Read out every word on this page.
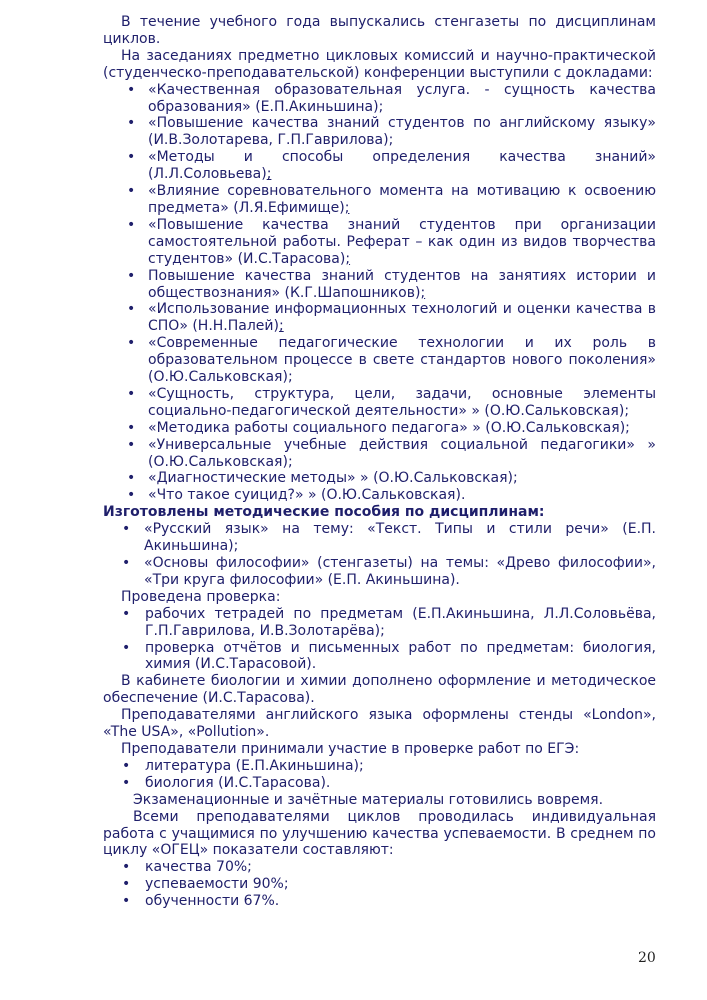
В течение учебного года выпускались стенгазеты по дисциплинам циклов.

На заседаниях предметно цикловых комиссий и научно-практической (студенческо-преподавательской) конференции выступили с докладами:

• «Качественная образовательная услуга. - сущность качества образования» (Е.П.Акиньшина);
• «Повышение качества знаний студентов по английскому языку» (И.В.Золотарева, Г.П.Гаврилова);
• «Методы и способы определения качества знаний» (Л.Л.Соловьева);
• «Влияние соревновательного момента на мотивацию к освоению предмета» (Л.Я.Ефимище);
• «Повышение качества знаний студентов при организации самостоятельной работы. Реферат – как один из видов творчества студентов» (И.С.Тарасова);
• Повышение качества знаний студентов на занятиях истории и обществознания» (К.Г.Шапошников);
• «Использование информационных технологий и оценки качества в СПО» (Н.Н.Палей);
• «Современные педагогические технологии и их роль в образовательном процессе в свете стандартов нового поколения» (О.Ю.Сальковская);
• «Сущность, структура, цели, задачи, основные элементы социально-педагогической деятельности» » (О.Ю.Сальковская);
• «Методика работы социального педагога» » (О.Ю.Сальковская);
• «Универсальные учебные действия социальной педагогики» » (О.Ю.Сальковская);
• «Диагностические методы» » (О.Ю.Сальковская);
• «Что такое суицид?» » (О.Ю.Сальковская).

Изготовлены методические пособия по дисциплинам:

• «Русский язык» на тему: «Текст. Типы и стили речи» (Е.П. Акиньшина);
• «Основы философии» (стенгазеты) на темы: «Древо философии», «Три круга философии» (Е.П. Акиньшина).

Проведена проверка:

• рабочих тетрадей по предметам (Е.П.Акиньшина, Л.Л.Соловьёва, Г.П.Гаврилова, И.В.Золотарёва);
• проверка отчётов и письменных работ по предметам: биология, химия (И.С.Тарасовой).

В кабинете биологии и химии дополнено оформление и методическое обеспечение (И.С.Тарасова).

Преподавателями английского языка оформлены стенды «London», «The USA», «Pollution».

Преподаватели принимали участие в проверке работ по ЕГЭ:

• литература (Е.П.Акиньшина);
• биология (И.С.Тарасова).

Экзаменационные и зачётные материалы готовились вовремя.

Всеми преподавателями циклов проводилась индивидуальная работа с учащимися по улучшению качества успеваемости. В среднем по циклу «ОГЕЦ» показатели составляют:

• качества 70%;
• успеваемости 90%;
• обученности 67%.
20
